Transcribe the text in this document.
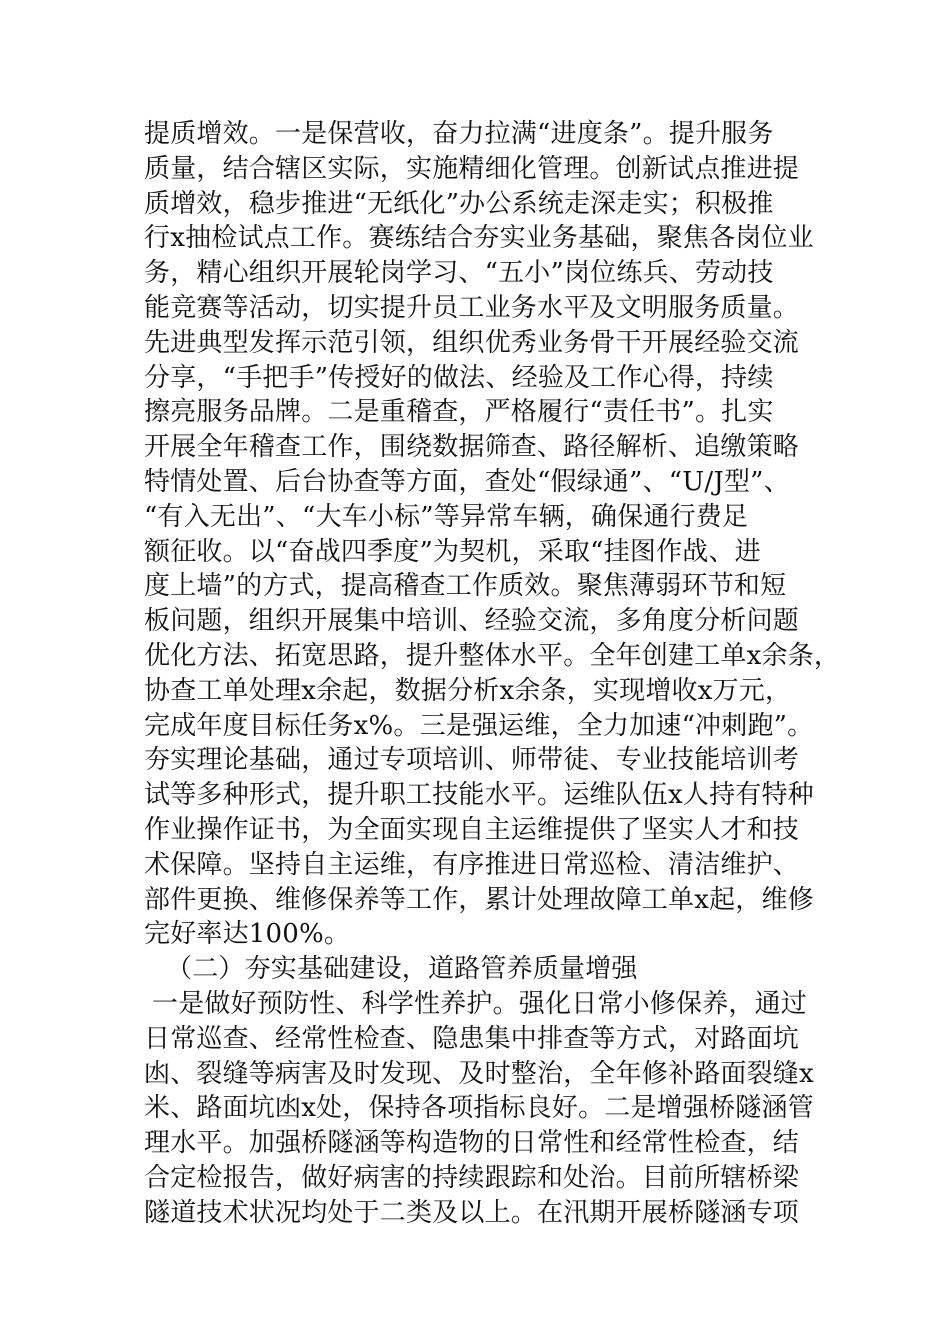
提质增效。一是保营收，奋力拉满“进度条”。提升服务
质量，结合辖区实际，实施精细化管理。创新试点推进提
质增效，稳步推进“无纸化”办公系统走深走实；积极推
行x抽检试点工作。赛练结合夯实业务基础，聚焦各岗位业
务，精心组织开展轮岗学习、“五小”岗位练兵、劳动技
能竞赛等活动，切实提升员工业务水平及文明服务质量。
先进典型发挥示范引领，组织优秀业务骨干开展经验交流
分享，“手把手”传授好的做法、经验及工作心得，持续
擦亮服务品牌。二是重稽查，严格履行“责任书”。扎实
开展全年稽查工作，围绕数据筛查、路径解析、追缴策略
特情处置、后台协查等方面，查处“假绿通”、“U/J型”、
“有入无出”、“大车小标”等异常车辆，确保通行费足
额征收。以“奋战四季度”为契机，采取“挂图作战、进
度上墙”的方式，提高稽查工作质效。聚焦薄弱环节和短
板问题，组织开展集中培训、经验交流，多角度分析问题
优化方法、拓宽思路，提升整体水平。全年创建工单x余条，
协查工单处理x余起，数据分析x余条，实现增收x万元，
完成年度目标任务x%。三是强运维，全力加速“冲刺跑”。
夯实理论基础，通过专项培训、师带徒、专业技能培训考
试等多种形式，提升职工技能水平。运维队伍x人持有特种
作业操作证书，为全面实现自主运维提供了坚实人才和技
术保障。坚持自主运维，有序推进日常巡检、清洁维护、
部件更换、维修保养等工作，累计处理故障工单x起，维修
完好率达100%。
（二）夯实基础建设，道路管养质量增强
一是做好预防性、科学性养护。强化日常小修保养，通过
日常巡查、经常性检查、隐患集中排查等方式，对路面坑
凼、裂缝等病害及时发现、及时整治，全年修补路面裂缝x
米、路面坑凼x处，保持各项指标良好。二是增强桥隧涵管
理水平。加强桥隧涵等构造物的日常性和经常性检查，结
合定检报告，做好病害的持续跟踪和处治。目前所辖桥梁
隧道技术状况均处于二类及以上。在汛期开展桥隧涵专项
